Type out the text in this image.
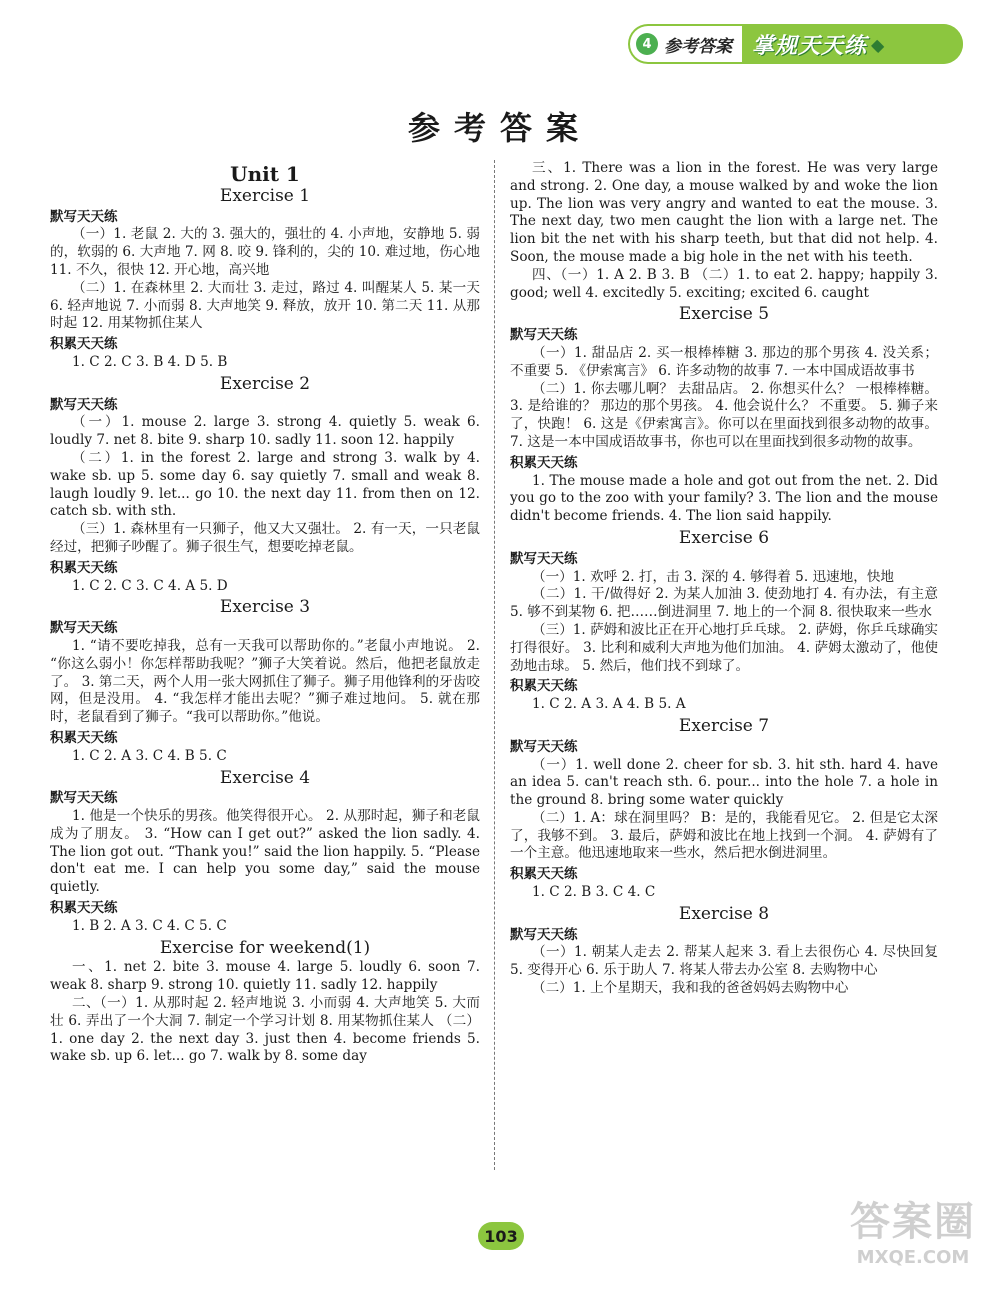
4 参考答案 掌规天天练 ◆
参考答案
Unit 1
Exercise 1
默写天天练
（一）1. 老鼠 2. 大的 3. 强大的，强壮的 4. 小声地，安静地 5. 弱的，软弱的 6. 大声地 7. 网 8. 咬 9. 锋利的，尖的 10. 难过地，伤心地 11. 不久，很快 12. 开心地，高兴地
（二）1. 在森林里 2. 大而壮 3. 走过，路过 4. 叫醒某人 5. 某一天 6. 轻声地说 7. 小而弱 8. 大声地笑 9. 释放，放开 10. 第二天 11. 从那时起 12. 用某物抓住某人
积累天天练
1. C 2. C 3. B 4. D 5. B
Exercise 2
默写天天练
（一）1. mouse 2. large 3. strong 4. quietly 5. weak 6. loudly 7. net 8. bite 9. sharp 10. sadly 11. soon 12. happily
（二）1. in the forest 2. large and strong 3. walk by 4. wake sb. up 5. some day 6. say quietly 7. small and weak 8. laugh loudly 9. let... go 10. the next day 11. from then on 12. catch sb. with sth.
（三）1. 森林里有一只狮子，他又大又强壮。 2. 有一天，一只老鼠经过，把狮子吵醒了。狮子很生气，想要吃掉老鼠。
积累天天练
1. C 2. C 3. C 4. A 5. D
Exercise 3
默写天天练
1. “请不要吃掉我，总有一天我可以帮助你的。”老鼠小声地说。 2. “你这么弱小！你怎样帮助我呢？”狮子大笑着说。然后，他把老鼠放走了。 3. 第二天，两个人用一张大网抓住了狮子。狮子用他锋利的牙齿咬网，但是没用。 4. “我怎样才能出去呢？”狮子难过地问。 5. 就在那时，老鼠看到了狮子。“我可以帮助你。”他说。
积累天天练
1. C 2. A 3. C 4. B 5. C
Exercise 4
默写天天练
1. 他是一个快乐的男孩。他笑得很开心。 2. 从那时起，狮子和老鼠成为了朋友。 3. “How can I get out?” asked the lion sadly. 4. The lion got out. “Thank you!” said the lion happily. 5. “Please don't eat me. I can help you some day,” said the mouse quietly.
积累天天练
1. B 2. A 3. C 4. C 5. C
Exercise for weekend(1)
一、1. net 2. bite 3. mouse 4. large 5. loudly 6. soon 7. weak 8. sharp 9. strong 10. quietly 11. sadly 12. happily
二、（一）1. 从那时起 2. 轻声地说 3. 小而弱 4. 大声地笑 5. 大而壮 6. 弄出了一个大洞 7. 制定一个学习计划 8. 用某物抓住某人 （二）1. one day 2. the next day 3. just then 4. become friends 5. wake sb. up 6. let... go 7. walk by 8. some day
三、1. There was a lion in the forest. He was very large and strong. 2. One day, a mouse walked by and woke the lion up. The lion was very angry and wanted to eat the mouse. 3. The next day, two men caught the lion with a large net. The lion bit the net with his sharp teeth, but that did not help. 4. Soon, the mouse made a big hole in the net with his teeth.
四、（一）1. A 2. B 3. B （二）1. to eat 2. happy; happily 3. good; well 4. excitedly 5. exciting; excited 6. caught
Exercise 5
默写天天练
（一）1. 甜品店 2. 买一根棒棒糖 3. 那边的那个男孩 4. 没关系；不重要 5. 《伊索寓言》 6. 许多动物的故事 7. 一本中国成语故事书
（二）1. 你去哪儿啊？ 去甜品店。 2. 你想买什么？ 一根棒棒糖。 3. 是给谁的？ 那边的那个男孩。 4. 他会说什么？ 不重要。 5. 狮子来了，快跑！ 6. 这是《伊索寓言》。你可以在里面找到很多动物的故事。 7. 这是一本中国成语故事书，你也可以在里面找到很多动物的故事。
积累天天练
1. The mouse made a hole and got out from the net. 2. Did you go to the zoo with your family? 3. The lion and the mouse didn't become friends. 4. The lion said happily.
Exercise 6
默写天天练
（一）1. 欢呼 2. 打，击 3. 深的 4. 够得着 5. 迅速地，快地
（二）1. 干/做得好 2. 为某人加油 3. 使劲地打 4. 有办法，有主意 5. 够不到某物 6. 把……倒进洞里 7. 地上的一个洞 8. 很快取来一些水
（三）1. 萨姆和波比正在开心地打乒乓球。 2. 萨姆，你乒乓球确实打得很好。 3. 比利和威利大声地为他们加油。 4. 萨姆太激动了，他使劲地击球。 5. 然后，他们找不到球了。
积累天天练
1. C 2. A 3. A 4. B 5. A
Exercise 7
默写天天练
（一）1. well done 2. cheer for sb. 3. hit sth. hard 4. have an idea 5. can't reach sth. 6. pour... into the hole 7. a hole in the ground 8. bring some water quickly
（二）1. A：球在洞里吗？ B：是的，我能看见它。 2. 但是它太深了，我够不到。 3. 最后，萨姆和波比在地上找到一个洞。 4. 萨姆有了一个主意。他迅速地取来一些水，然后把水倒进洞里。
积累天天练
1. C 2. B 3. C 4. C
Exercise 8
默写天天练
（一）1. 朝某人走去 2. 帮某人起来 3. 看上去很伤心 4. 尽快回复 5. 变得开心 6. 乐于助人 7. 将某人带去办公室 8. 去购物中心
（二）1. 上个星期天，我和我的爸爸妈妈去购物中心
103	答案圈
MXQE.COM
